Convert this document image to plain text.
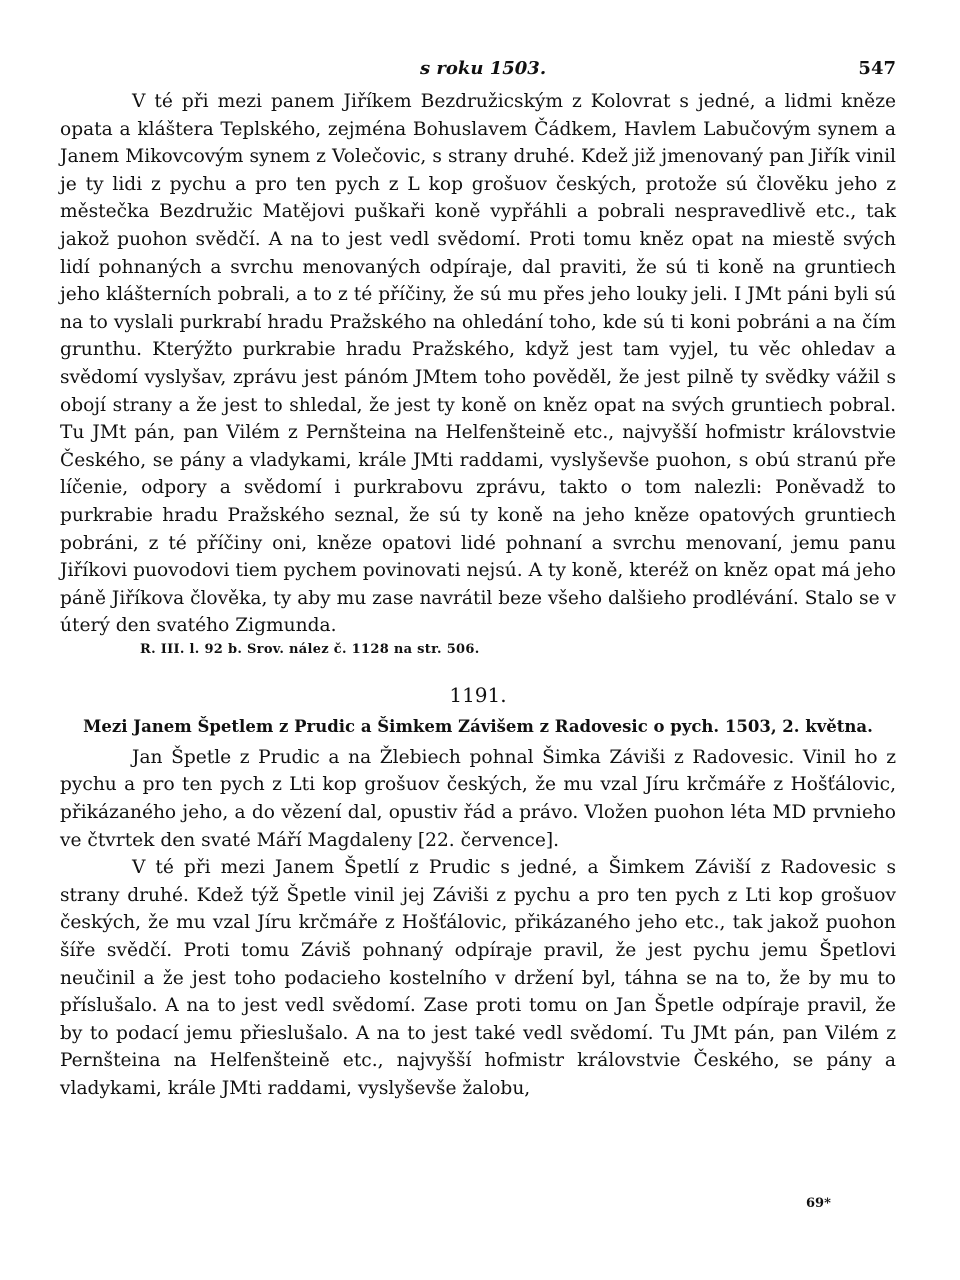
s roku 1503.	547

V té při mezi panem Jiříkem Bezdružicským z Kolovrat s jedné, a lidmi kněze opata a kláštera Teplského, zejména Bohuslavem Čádkem, Havlem Labučovým synem a Janem Mikovcovým synem z Volečovic, s strany druhé. Kdež již jmenovaný pan Jiřík vinil je ty lidi z pychu a pro ten pych z L kop grošuov českých, protože sú člověku jeho z městečka Bezdružic Matějovi puškaři koně vypřáhli a pobrali nespravedlivě etc., tak jakož puohon svědčí. A na to jest vedl svědomí. Proti tomu kněz opat na miestě svých lidí pohnaných a svrchu menovaných odpíraje, dal praviti, že sú ti koně na gruntiech jeho klášterních pobrali, a to z té příčiny, že sú mu přes jeho louky jeli. I JMt páni byli sú na to vyslali purkrabí hradu Pražského na ohledání toho, kde sú ti koni pobráni a na čím grunthu. Kterýžto purkrabie hradu Pražského, když jest tam vyjel, tu věc ohledav a svědomí vyslyšav, zprávu jest pánóm JMtem toho pověděl, že jest pilně ty svědky vážil s obojí strany a že jest to shledal, že jest ty koně on kněz opat na svých gruntiech pobral. Tu JMt pán, pan Vilém z Pernšteina na Helfenšteině etc., najvyšší hofmistr královstvie Českého, se pány a vladykami, krále JMti raddami, vyslyševše puohon, s obú stranú pře líčenie, odpory a svědomí i purkrabovu zprávu, takto o tom nalezli: Poněvadž to purkrabie hradu Pražského seznal, že sú ty koně na jeho kněze opatových gruntiech pobráni, z té příčiny oni, kněze opatovi lidé pohnaní a svrchu menovaní, jemu panu Jiříkovi puovodovi tiem pychem povinovati nejsú. A ty koně, kteréž on kněz opat má jeho páně Jiříkova člověka, ty aby mu zase navrátil beze všeho dalšieho prodlévání. Stalo se v úterý den svatého Zigmunda.

R. III. l. 92 b. Srov. nález č. 1128 na str. 506.
1191.
Mezi Janem Špetlem z Prudic a Šimkem Závišem z Radovesic o pych. 1503, 2. května.

Jan Špetle z Prudic a na Žlebiech pohnal Šimka Záviši z Radovesic. Vinil ho z pychu a pro ten pych z Lti kop grošuov českých, že mu vzal Jíru krčmáře z Hošťálovic, přikázaného jeho, a do vězení dal, opustiv řád a právo. Vložen puohon léta MD prvnieho ve čtvrtek den svaté Máří Magdaleny [22. července].

V té při mezi Janem Špetlí z Prudic s jedné, a Šimkem Záviší z Radovesic s strany druhé. Kdež týž Špetle vinil jej Záviši z pychu a pro ten pych z Lti kop grošuov českých, že mu vzal Jíru krčmáře z Hošťálovic, přikázaného jeho etc., tak jakož puohon šíře svědčí. Proti tomu Záviš pohnaný odpíraje pravil, že jest pychu jemu Špetlovi neučinil a že jest toho podacieho kostelního v držení byl, táhna se na to, že by mu to příslušalo. A na to jest vedl svědomí. Zase proti tomu on Jan Špetle odpíraje pravil, že by to podací jemu přieslušalo. A na to jest také vedl svědomí. Tu JMt pán, pan Vilém z Pernšteina na Helfenšteině etc., najvyšší hofmistr královstvie Českého, se pány a vladykami, krále JMti raddami, vyslyševše žalobu,

69*
